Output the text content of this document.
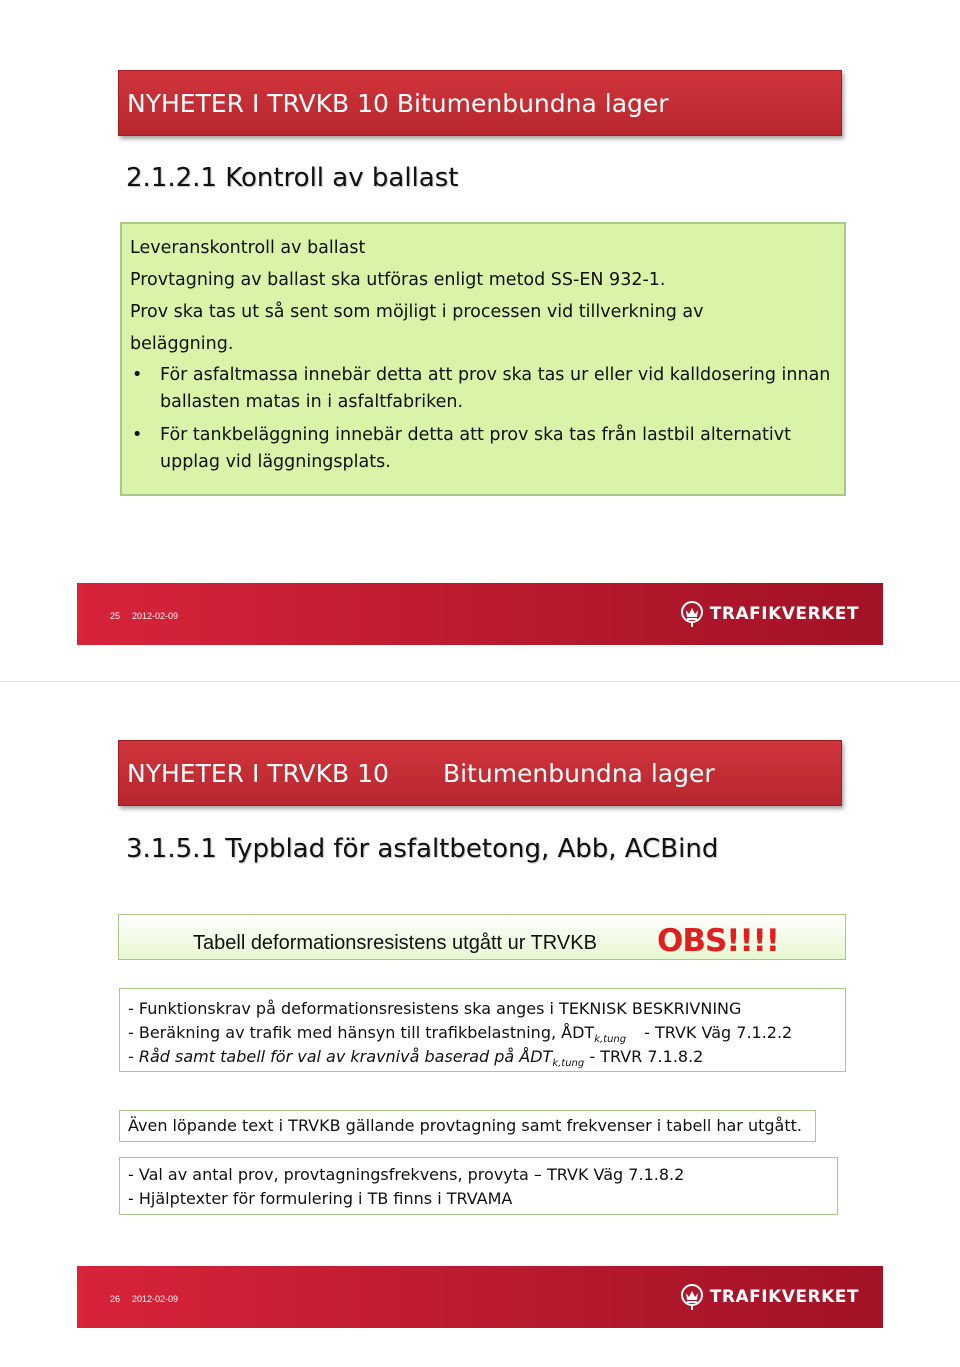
NYHETER I TRVKB 10 Bitumenbundna lager
2.1.2.1 Kontroll av ballast
Leveranskontroll av ballast
Provtagning av ballast ska utföras enligt metod SS-EN 932-1.
Prov ska tas ut så sent som möjligt i processen vid tillverkning av
beläggning.
• För asfaltmassa innebär detta att prov ska tas ur eller vid kalldosering innan ballasten matas in i asfaltfabriken.
• För tankbeläggning innebär detta att prov ska tas från lastbil alternativt upplag vid läggningsplats.
25 2012-02-09	TRAFIKVERKET
NYHETER I TRVKB 10 Bitumenbundna lager
3.1.5.1 Typblad för asfaltbetong, Abb, ACBind
Tabell deformationsresistens utgått ur TRVKB OBS!!!!
- Funktionskrav på deformationsresistens ska anges i TEKNISK BESKRIVNING
- Beräkning av trafik med hänsyn till trafikbelastning, $ÅDT_{k,tung}$ - TRVK Väg 7.1.2.2
- Råd samt tabell för val av kravnivå baserad på $ÅDT_{k,tung}$ - TRVR 7.1.8.2
Även löpande text i TRVKB gällande provtagning samt frekvenser i tabell har utgått.
- Val av antal prov, provtagningsfrekvens, provyta – TRVK Väg 7.1.8.2
- Hjälptexter för formulering i TB finns i TRVAMA
26 2012-02-09	TRAFIKVERKET
